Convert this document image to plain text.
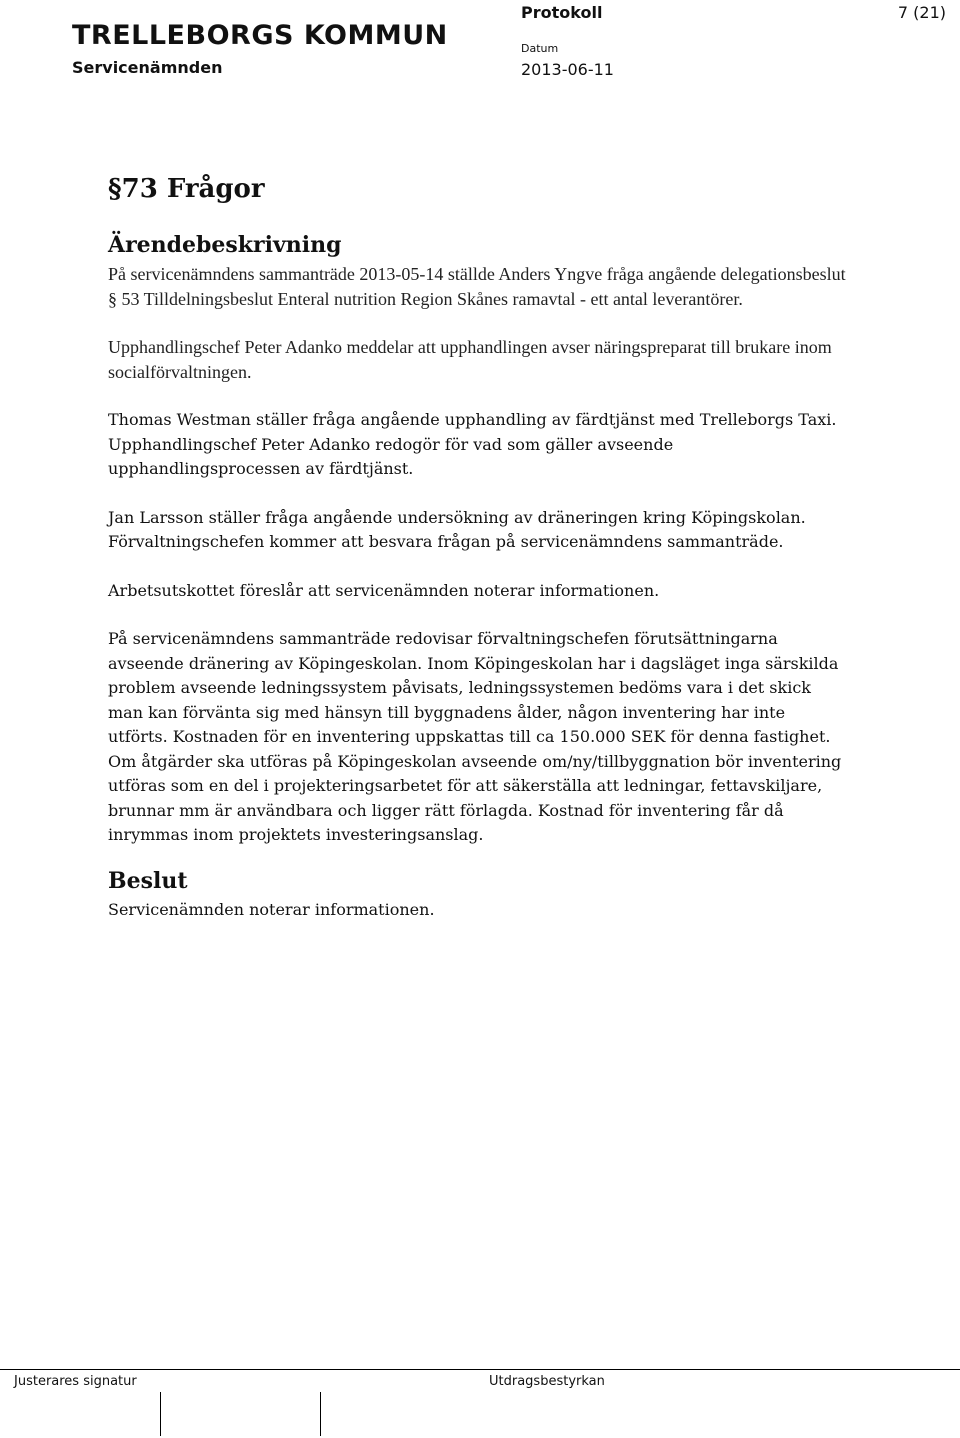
TRELLEBORGS KOMMUN
Servicenämnden
Protokoll	7 (21)
Datum
2013-06-11
§73 Frågor
Ärendebeskrivning

På servicenämndens sammanträde 2013-05-14 ställde Anders Yngve fråga angående delegationsbeslut § 53 Tilldelningsbeslut Enteral nutrition Region Skånes ramavtal - ett antal leverantörer.

Upphandlingschef Peter Adanko meddelar att upphandlingen avser näringspreparat till brukare inom socialförvaltningen.

Thomas Westman ställer fråga angående upphandling av färdtjänst med Trelleborgs Taxi. Upphandlingschef Peter Adanko redogör för vad som gäller avseende upphandlingsprocessen av färdtjänst.

Jan Larsson ställer fråga angående undersökning av dräneringen kring Köpingskolan. Förvaltningschefen kommer att besvara frågan på servicenämndens sammanträde.

Arbetsutskottet föreslår att servicenämnden noterar informationen.

På servicenämndens sammanträde redovisar förvaltningschefen förutsättningarna avseende dränering av Köpingeskolan. Inom Köpingeskolan har i dagsläget inga särskilda problem avseende ledningssystem påvisats, ledningssystemen bedöms vara i det skick man kan förvänta sig med hänsyn till byggnadens ålder, någon inventering har inte utförts. Kostnaden för en inventering uppskattas till ca 150.000 SEK för denna fastighet. Om åtgärder ska utföras på Köpingeskolan avseende om/ny/tillbyggnation bör inventering utföras som en del i projekteringsarbetet för att säkerställa att ledningar, fettavskiljare, brunnar mm är användbara och ligger rätt förlagda. Kostnad för inventering får då inrymmas inom projektets investeringsanslag.

Beslut

Servicenämnden noterar informationen.

Justerares signatur	Utdragsbestyrkan
